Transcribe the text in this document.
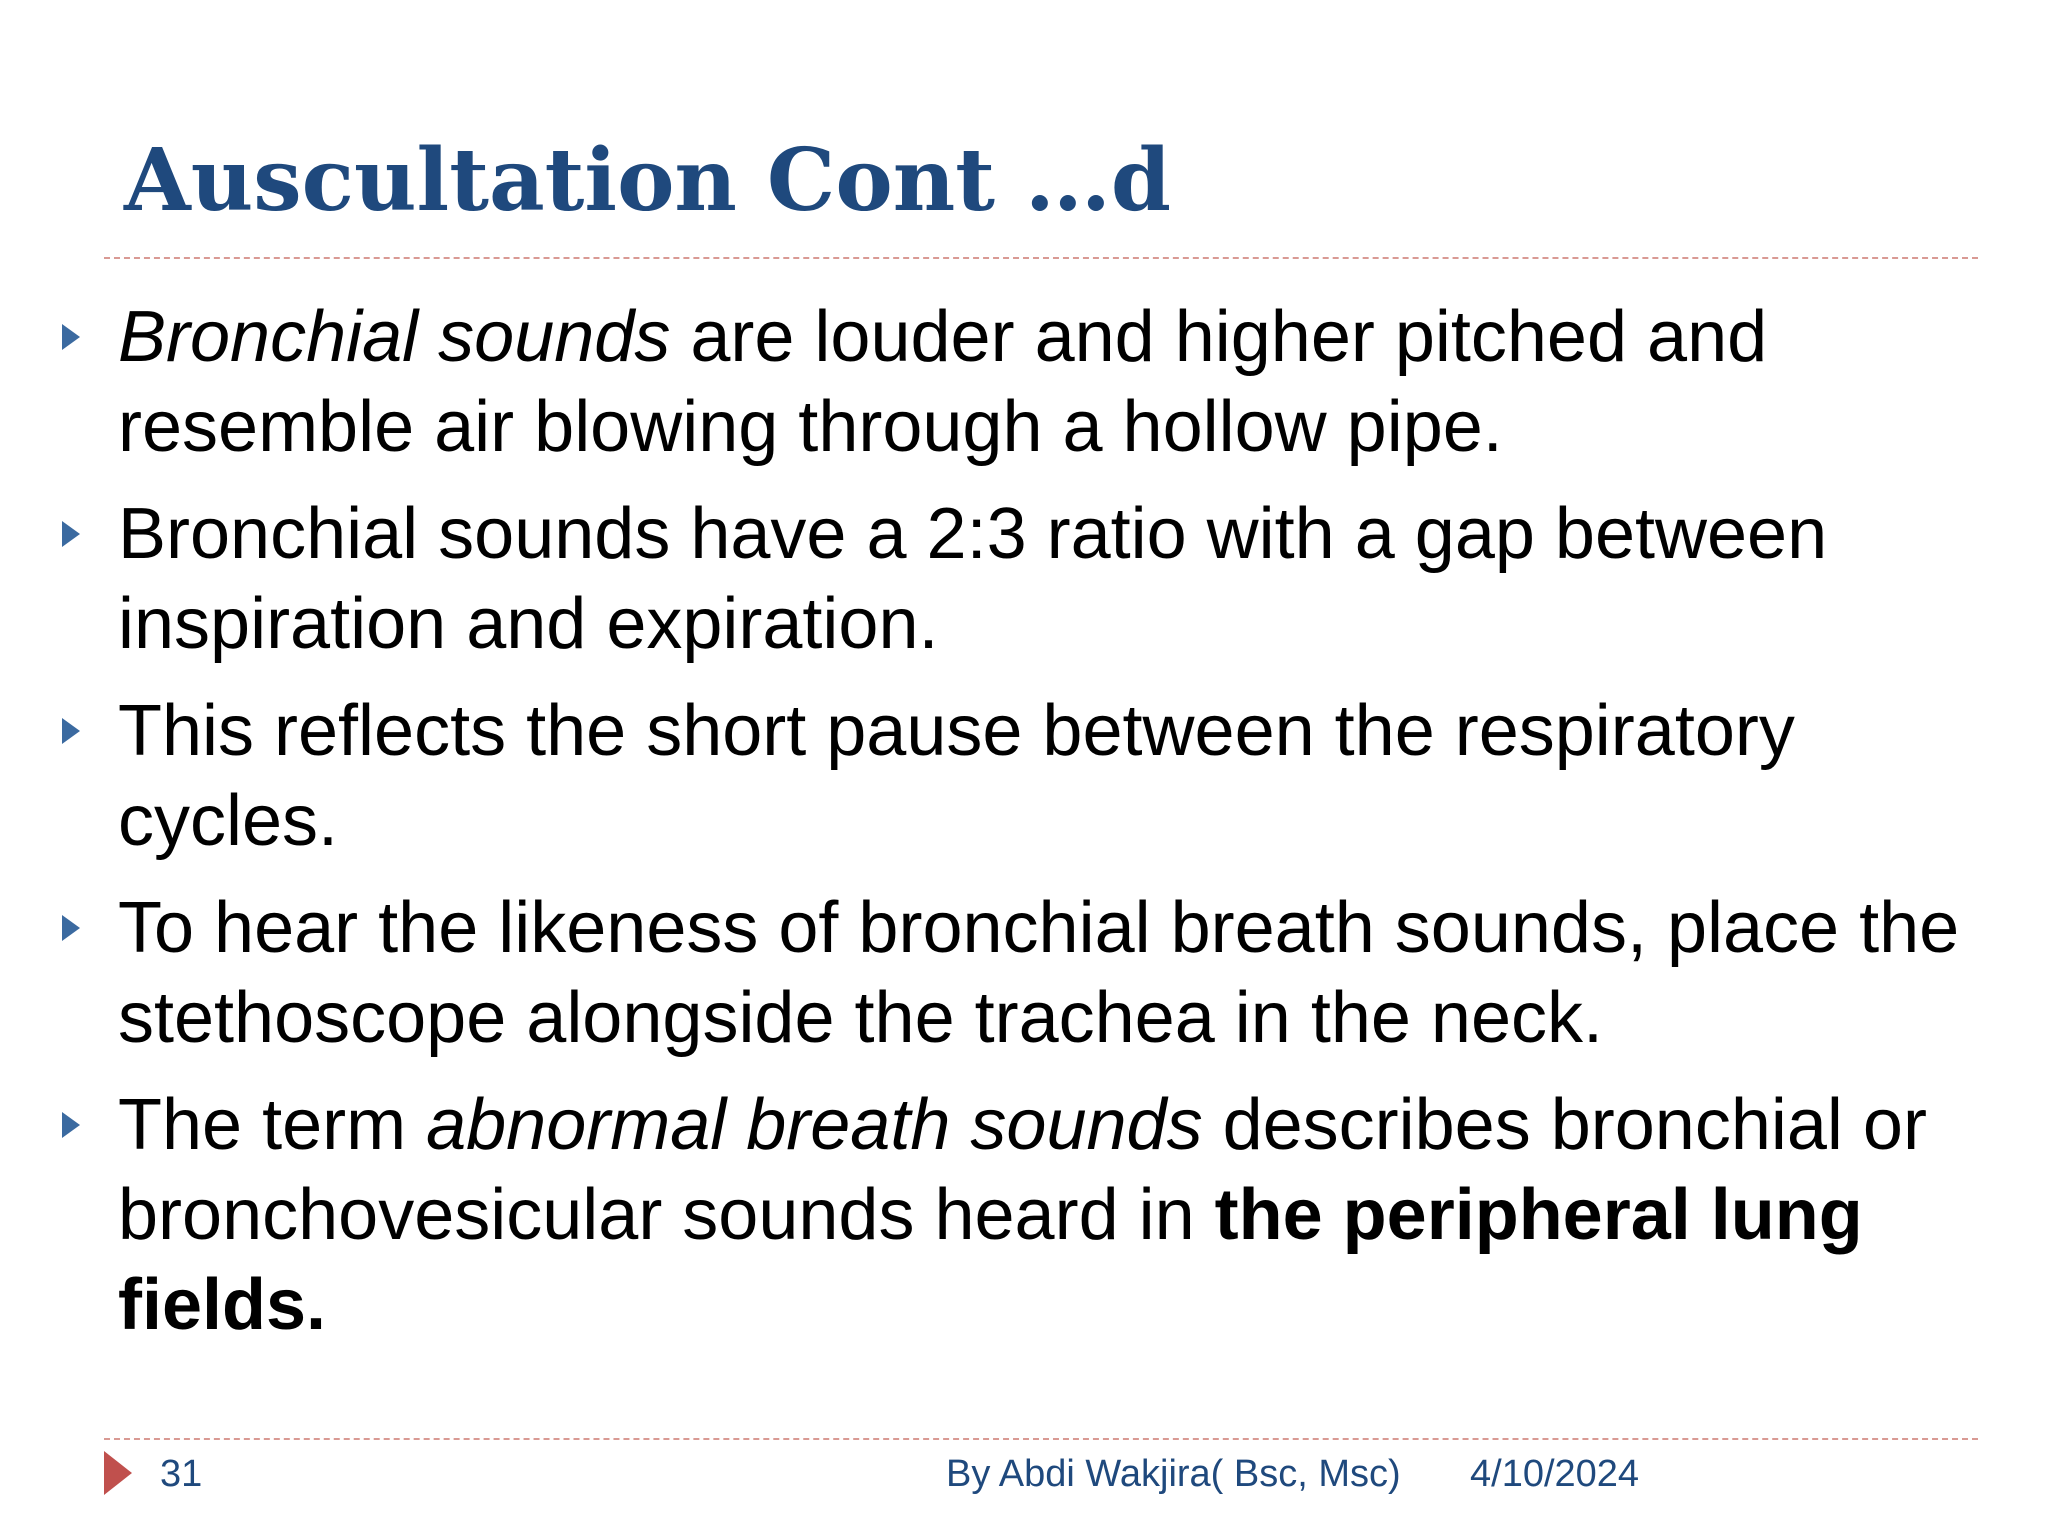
Auscultation Cont …d
Bronchial sounds are louder and higher pitched and resemble air blowing through a hollow pipe.
Bronchial sounds have a 2:3 ratio with a gap between inspiration and expiration.
This reflects the short pause between the respiratory cycles.
To hear the likeness of bronchial breath sounds, place the stethoscope alongside the trachea in the neck.
The term abnormal breath sounds describes bronchial or bronchovesicular sounds heard in the peripheral lung fields.
31	By Abdi Wakjira( Bsc, Msc) 4/10/2024
